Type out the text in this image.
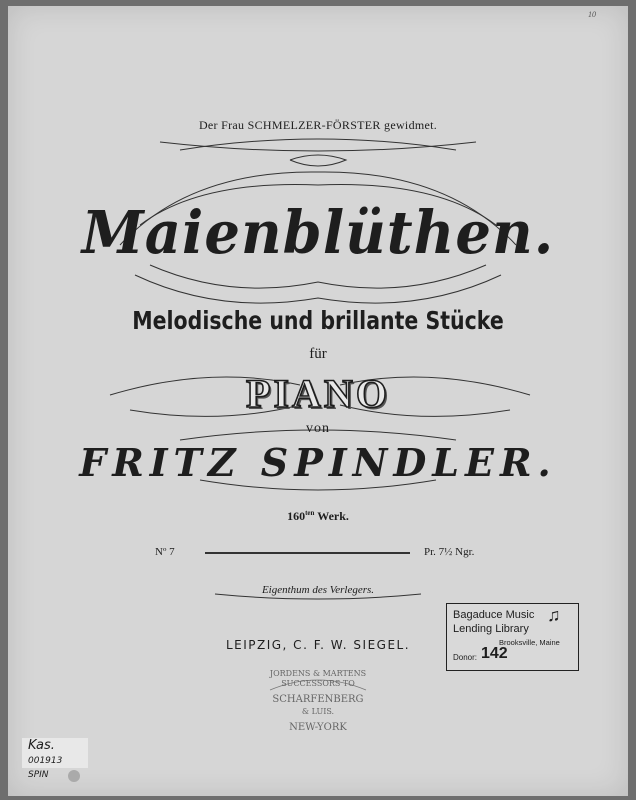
Der Frau SCHMELZER-FÖRSTER gewidmet.
Maienblüthen.
Melodische und brillante Stücke
für
PIANO
von
FRITZ SPINDLER.
$160^{ten}$ Werk.
Nº 7	Pr. 7½ Ngr.
Eigenthum des Verlegers.
LEIPZIG, C. F. W. SIEGEL.
JORDENS & MARTENS
SUCCESSORS TO
SCHARFENBERG
& LUIS.
NEW-YORK
Bagaduce Music
Lending Library
Brooksville, Maine
Donor: 142
♫
Kas.
001913
SPIN
10
